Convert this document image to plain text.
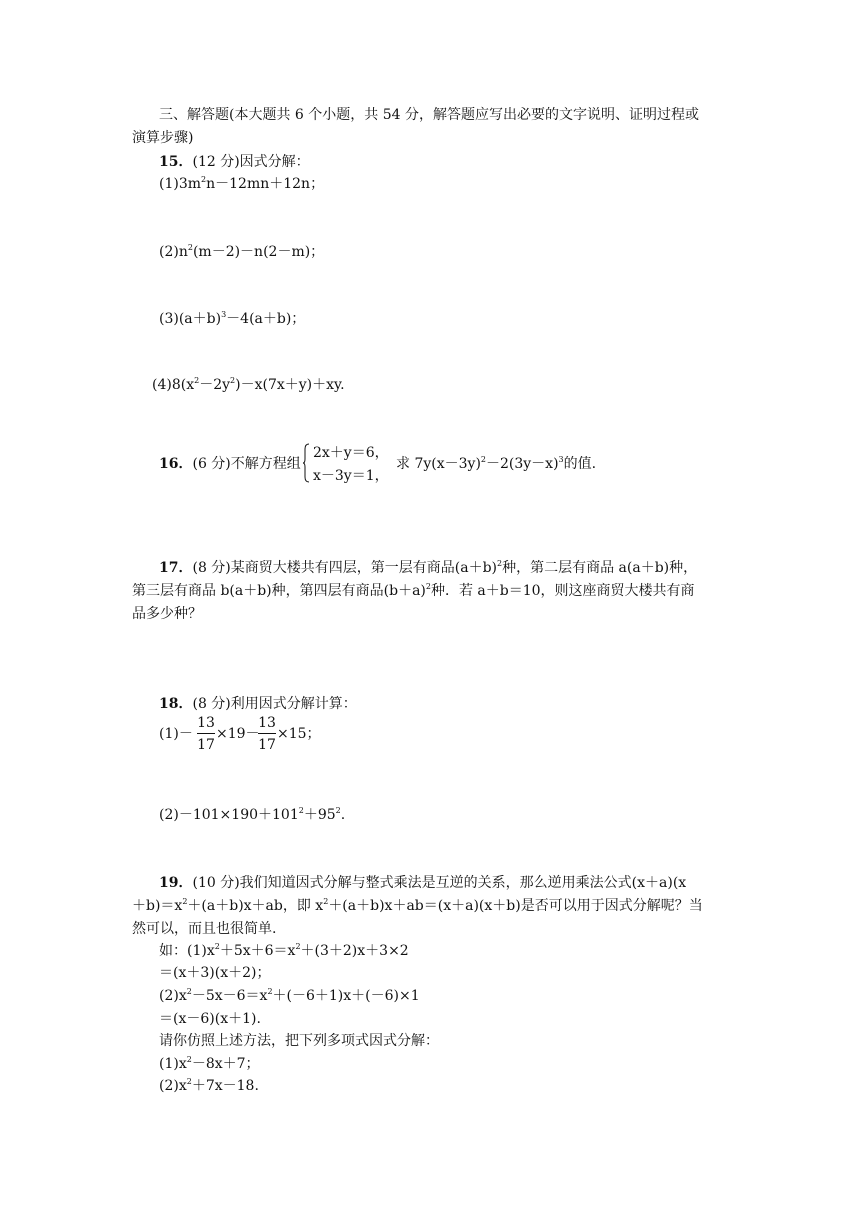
三、解答题(本大题共 6 个小题，共 54 分，解答题应写出必要的文字说明、证明过程或
演算步骤)
15．(12 分)因式分解：
$(1)3m^2n-12mn+12n$；
$(2)n^2(m-2)-n(2-m)$；
$(3)(a+b)^3-4(a+b)$；
$(4)8(x^2-2y^2)-x(7x+y)+xy$.
16．(6 分)不解方程组
2x＋y＝6，
x－3y＝1，
求 $7y(x-3y)^2-2(3y-x)^3$的值.
17．(8 分)某商贸大楼共有四层，第一层有商品$(a+b)^2$种，第二层有商品 a(a＋b)种，
第三层有商品 b(a＋b)种，第四层有商品$(b+a)^2$种．若 a＋b＝10，则这座商贸大楼共有商
品多少种？
18．(8 分)利用因式分解计算：
(1)－
13
17
×19－
13
17
×15；
$(2)-101\times 190+101^2+95^2$.
19．(10 分)我们知道因式分解与整式乘法是互逆的关系，那么逆用乘法公式(x＋a)(x
$+b)=x^2+(a+b)x+ab$，即 $x^2+(a+b)x+ab=(x+a)(x+b)$是否可以用于因式分解呢？当
然可以，而且也很简单.
如：$(1)x^2+5x+6=x^2+(3+2)x+3\times 2$
＝(x＋3)(x＋2)；
$(2)x^2-5x-6=x^2+(-6+1)x+(-6)\times 1$
＝(x－6)(x＋1).
请你仿照上述方法，把下列多项式因式分解：
$(1)x^2-8x+7$；
$(2)x^2+7x-18$.
